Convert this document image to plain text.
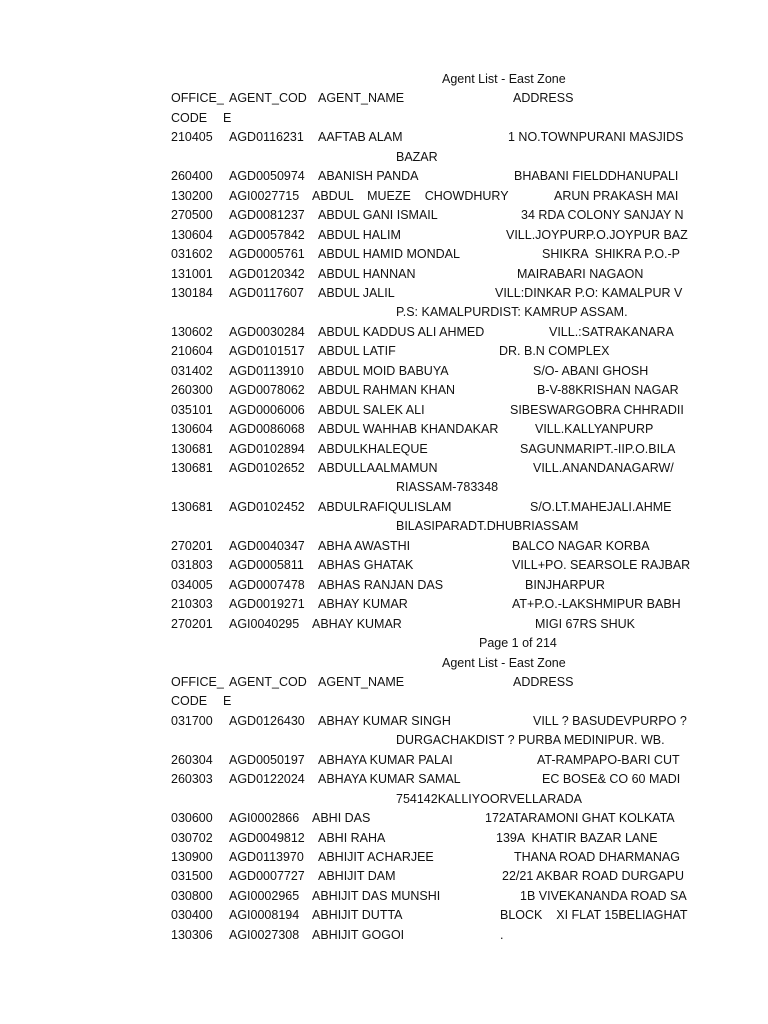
Agent List - East Zone
OFFICE_ AGENT_COD AGENT_NAME	ADDRESS
CODE E
210405 AGD0116231 AAFTAB ALAM	1 NO.TOWNPURANI MASJIDS
BAZAR
260400 AGD0050974 ABANISH PANDA	BHABANI FIELDDHANUPALI
130200 AGI0027715 ABDUL    MUEZE    CHOWDHURY	ARUN PRAKASH MAI
270500 AGD0081237 ABDUL GANI ISMAIL	34 RDA COLONY SANJAY N
130604 AGD0057842 ABDUL HALIM	VILL.JOYPURP.O.JOYPUR BAZ
031602 AGD0005761 ABDUL HAMID MONDAL	SHIKRA  SHIKRA P.O.-P
131001 AGD0120342 ABDUL HANNAN	MAIRABARI NAGAON
130184 AGD0117607 ABDUL JALIL	VILL:DINKAR P.O: KAMALPUR V
P.S: KAMALPURDIST: KAMRUP ASSAM.
130602 AGD0030284 ABDUL KADDUS ALI AHMED	VILL.:SATRAKANARA
210604 AGD0101517 ABDUL LATIF	DR. B.N COMPLEX
031402 AGD0113910 ABDUL MOID BABUYA	S/O- ABANI GHOSH
260300 AGD0078062 ABDUL RAHMAN KHAN	B-V-88KRISHAN NAGAR
035101 AGD0006006 ABDUL SALEK ALI	SIBESWARGOBRA CHHRADII
130604 AGD0086068 ABDUL WAHHAB KHANDAKAR	VILL.KALLYANPURP
130681 AGD0102894 ABDULKHALEQUE	SAGUNMARIPT.-IIP.O.BILA
130681 AGD0102652 ABDULLAALMAMUN	VILL.ANANDANAGARW/
RIASSAM-783348
130681 AGD0102452 ABDULRAFIQULISLAM	S/O.LT.MAHEJALI.AHME
BILASIPARADT.DHUBRIASSAM
270201 AGD0040347 ABHA AWASTHI	BALCO NAGAR KORBA
031803 AGD0005811 ABHAS GHATAK	VILL+PO. SEARSOLE RAJBAR
034005 AGD0007478 ABHAS RANJAN DAS	BINJHARPUR
210303 AGD0019271 ABHAY KUMAR	AT+P.O.-LAKSHMIPUR BABH
270201 AGI0040295 ABHAY KUMAR	MIGI 67RS SHUK
Page 1 of 214
Agent List - East Zone
OFFICE_ AGENT_COD AGENT_NAME	ADDRESS
CODE E
031700 AGD0126430 ABHAY KUMAR SINGH	VILL ? BASUDEVPURPO ?
DURGACHAKDIST ? PURBA MEDINIPUR. WB.
260304 AGD0050197 ABHAYA KUMAR PALAI	AT-RAMPAPO-BARI CUT
260303 AGD0122024 ABHAYA KUMAR SAMAL	EC BOSE& CO 60 MADI
754142KALLIYOORVELLARADA
030600 AGI0002866 ABHI DAS	172ATARAMONI GHAT KOLKATA
030702 AGD0049812 ABHI RAHA	139A  KHATIR BAZAR LANE
130900 AGD0113970 ABHIJIT ACHARJEE	THANA ROAD DHARMANAG
031500 AGD0007727 ABHIJIT DAM	22/21 AKBAR ROAD DURGAPU
030800 AGI0002965 ABHIJIT DAS MUNSHI	1B VIVEKANANDA ROAD SA
030400 AGI0008194 ABHIJIT DUTTA	BLOCK    XI FLAT 15BELIAGHAT
130306 AGI0027308 ABHIJIT GOGOI	.
